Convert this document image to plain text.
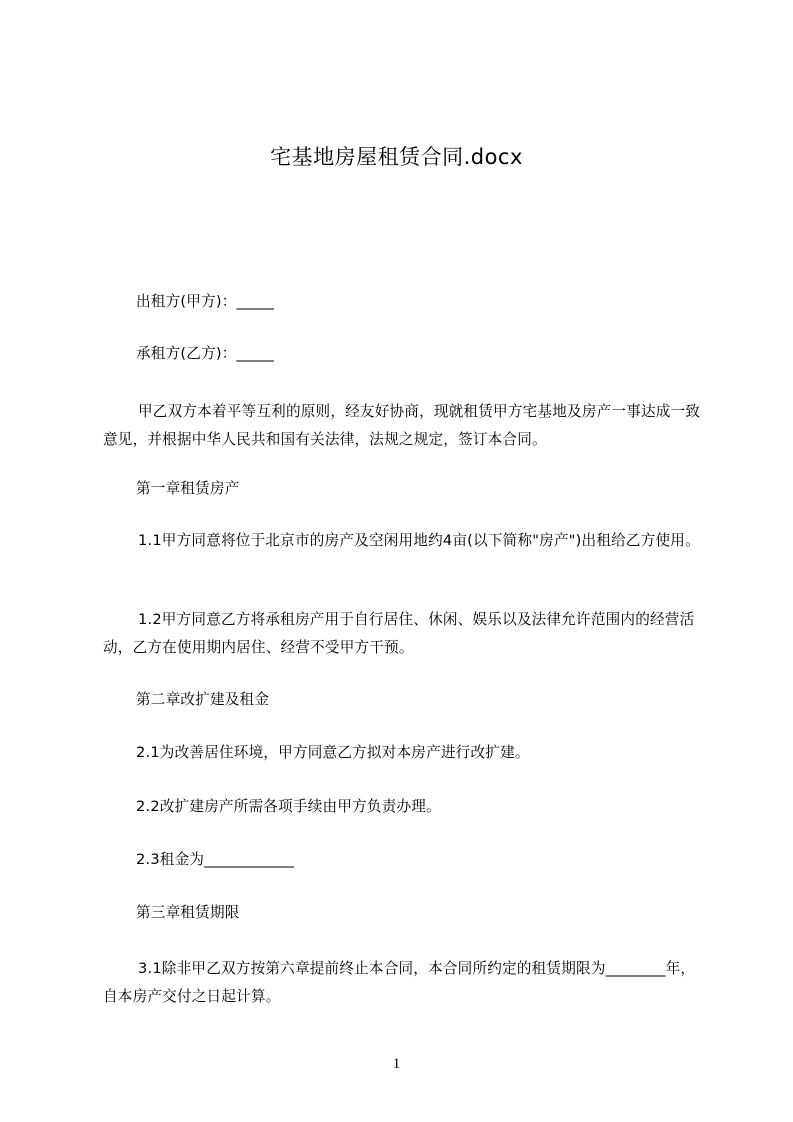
宅基地房屋租赁合同.docx
出租方(甲方)：_____
承租方(乙方)：_____
甲乙双方本着平等互利的原则，经友好协商，现就租赁甲方宅基地及房产一事达成一致意见，并根据中华人民共和国有关法律，法规之规定，签订本合同。
第一章租赁房产
1.1甲方同意将位于北京市的房产及空闲用地约4亩(以下简称"房产")出租给乙方使用。
1.2甲方同意乙方将承租房产用于自行居住、休闲、娱乐以及法律允许范围内的经营活动，乙方在使用期内居住、经营不受甲方干预。
第二章改扩建及租金
2.1为改善居住环境，甲方同意乙方拟对本房产进行改扩建。
2.2改扩建房产所需各项手续由甲方负责办理。
2.3租金为____________
第三章租赁期限
3.1除非甲乙双方按第六章提前终止本合同，本合同所约定的租赁期限为________年，自本房产交付之日起计算。
1
